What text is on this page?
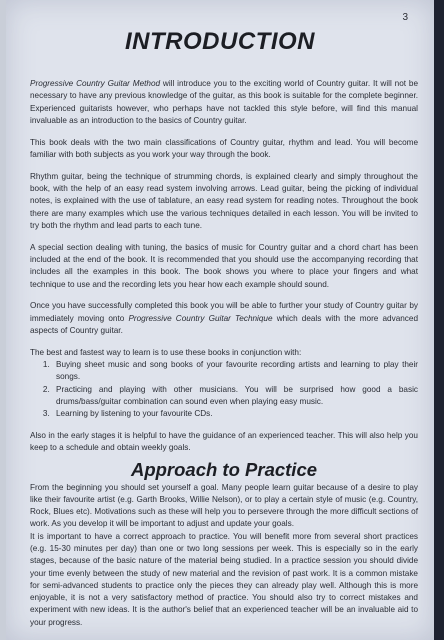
3
INTRODUCTION

Progressive Country Guitar Method will introduce you to the exciting world of Country guitar. It will not be necessary to have any previous knowledge of the guitar, as this book is suitable for the complete beginner. Experienced guitarists however, who perhaps have not tackled this style before, will find this manual invaluable as an introduction to the basics of Country guitar.

This book deals with the two main classifications of Country guitar, rhythm and lead. You will become familiar with both subjects as you work your way through the book.

Rhythm guitar, being the technique of strumming chords, is explained clearly and simply throughout the book, with the help of an easy read system involving arrows. Lead guitar, being the picking of individual notes, is explained with the use of tablature, an easy read system for reading notes. Throughout the book there are many examples which use the various techniques detailed in each lesson. You will be invited to try both the rhythm and lead parts to each tune.

A special section dealing with tuning, the basics of music for Country guitar and a chord chart has been included at the end of the book. It is recommended that you should use the accompanying recording that includes all the examples in this book. The book shows you where to place your fingers and what technique to use and the recording lets you hear how each example should sound.

Once you have successfully completed this book you will be able to further your study of Country guitar by immediately moving onto Progressive Country Guitar Technique which deals with the more advanced aspects of Country guitar.

The best and fastest way to learn is to use these books in conjunction with:

1. Buying sheet music and song books of your favourite recording artists and learning to play their songs.
2. Practicing and playing with other musicians. You will be surprised how good a basic drums/bass/guitar combination can sound even when playing easy music.
3. Learning by listening to your favourite CDs.

Also in the early stages it is helpful to have the guidance of an experienced teacher. This will also help you keep to a schedule and obtain weekly goals.

Approach to Practice

From the beginning you should set yourself a goal. Many people learn guitar because of a desire to play like their favourite artist (e.g. Garth Brooks, Willie Nelson), or to play a certain style of music (e.g. Country, Rock, Blues etc). Motivations such as these will help you to persevere through the more difficult sections of work. As you develop it will be important to adjust and update your goals.

It is important to have a correct approach to practice. You will benefit more from several short practices (e.g. 15-30 minutes per day) than one or two long sessions per week. This is especially so in the early stages, because of the basic nature of the material being studied. In a practice session you should divide your time evenly between the study of new material and the revision of past work. It is a common mistake for semi-advanced students to practice only the pieces they can already play well. Although this is more enjoyable, it is not a very satisfactory method of practice. You should also try to correct mistakes and experiment with new ideas. It is the author's belief that an experienced teacher will be an invaluable aid to your progress.
